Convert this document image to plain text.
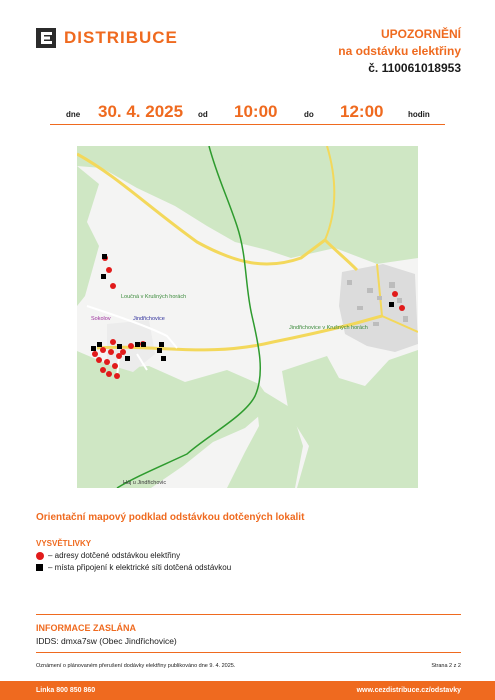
DISTRIBUCE	UPOZORNĚNÍ
na odstávku elektřiny
č. 110061018953
dne 30. 4. 2025 od 10:00	do 12:00	hodin
Loučná v Krušných horách
Sokolov	Jindřichovice
Jindřichovice v Krušných horách
Háj u Jindřichovic
Orientační mapový podklad odstávkou dotčených lokalit
VYSVĚTLIVKY
– adresy dotčené odstávkou elektřiny
– místa připojení k elektrické síti dotčená odstávkou
INFORMACE ZASLÁNA
IDDS: dmxa7sw (Obec Jindřichovice)
Oznámení o plánovaném přerušení dodávky elektřiny publikováno dne 9. 4. 2025.	Strana 2 z 2
Linka 800 850 860	www.cezdistribuce.cz/odstavky
